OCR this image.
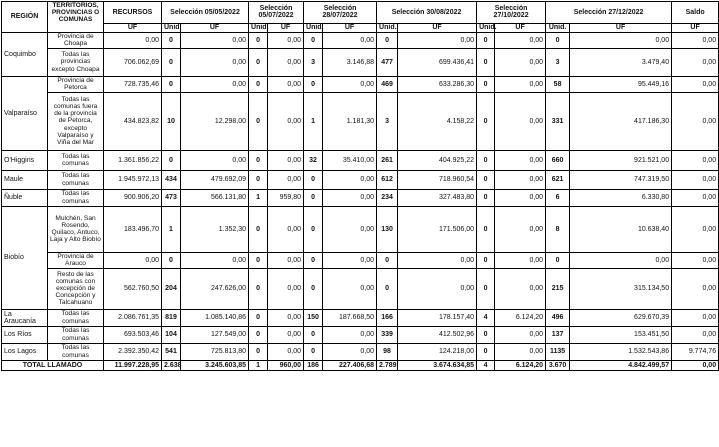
REGIÓN	TERRITORIOS, PROVINCIAS O COMUNAS	RECURSOS	Selección 05/05/2022		Selección 05/07/2022		Selección 28/07/2022		Selección 30/08/2022		Selección 27/10/2022		Selección 27/12/2022		Saldo
		UF	Unid.	UF	Unid.	UF	Unid.	UF	Unid.	UF	Unid.	UF	Unid.	UF	UF
Coquimbo	Provincia de Choapa	0,00	0	0,00	0	0,00	0	0,00	0	0,00	0	0,00	0	0,00	0,00
	Todas las provincias excepto Choapa	706.062,69	0	0,00	0	0,00	3	3.146,88	477	699.436,41	0	0,00	3	3.479,40	0,00
Valparaíso	Provincia de Petorca	728.735,46	0	0,00	0	0,00	0	0,00	469	633.286,30	0	0,00	58	95.449,16	0,00
	Todas las comunas fuera de la provincia de Petorca, excepto Valparaíso y Viña del Mar	434.823,82	10	12.298,00	0	0,00	1	1.181,30	3	4.158,22	0	0,00	331	417.186,30	0,00
O'Higgins	Todas las comunas	1.361.856,22	0	0,00	0	0,00	32	35.410,00	261	404.925,22	0	0,00	660	921.521,00	0,00
Maule	Todas las comunas	1.945.972,13	434	479.692,09	0	0,00	0	0,00	612	718.960,54	0	0,00	621	747.319,50	0,00
Ñuble	Todas las comunas	900.906,20	473	566.131,80	1	959,80	0	0,00	234	327.483,80	0	0,00	6	6.330,80	0,00
Biobío	Mulchén, San Rosendo, Quilaco, Antuco, Laja y Alto Biobío	183.496,70	1	1.352,30	0	0,00	0	0,00	130	171.506,00	0	0,00	8	10.638,40	0,00
	Provincia de Arauco	0,00	0	0,00	0	0,00	0	0,00	0	0,00	0	0,00	0	0,00	0,00
	Resto de las comunas con excepción de Concepción y Talcahuano	562.760,50	204	247.626,00	0	0,00	0	0,00	0	0,00	0	0,00	215	315.134,50	0,00
La Araucanía	Todas las comunas	2.086.761,35	819	1.085.140,86	0	0,00	150	187.668,50	166	178.157,40	4	6.124,20	496	629.670,39	0,00
Los Ríos	Todas las comunas	693.503,46	104	127.549,00	0	0,00	0	0,00	339	412.502,96	0	0,00	137	153.451,50	0,00
Los Lagos	Todas las comunas	2.392.350,42	541	725.813,80	0	0,00	0	0,00	98	124.218,00	0	0,00	1135	1.532.543,86	9.774,76
TOTAL LLAMADO		11.997.228,95	2.638	3.245.603,85	1	960,00	186	227.406,68	2.789	3.674.634,85	4	6.124,20	3.670	4.842.499,57	0,00
